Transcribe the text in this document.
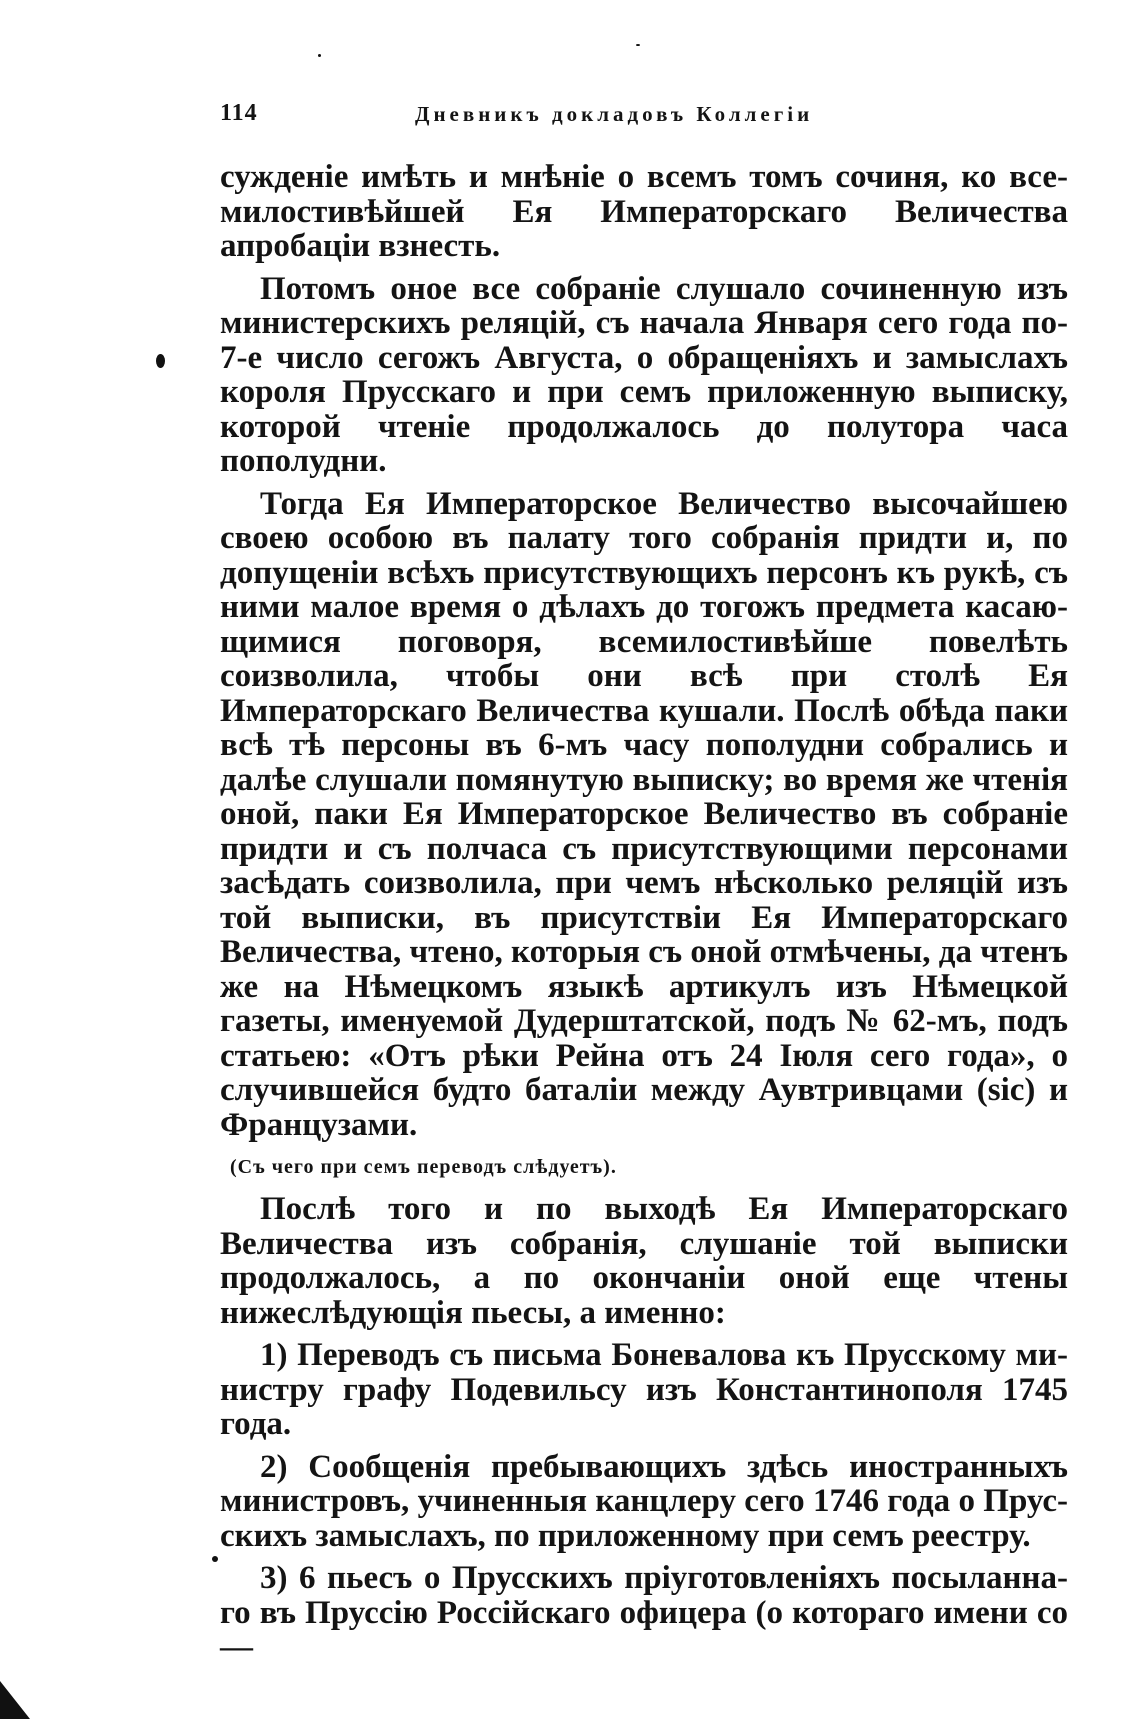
114	Дневникъ докладовъ Коллегіи

сужденіе имѣть и мнѣніе о всемъ томъ сочиня, ко всемилостивѣйшей Ея Императорскаго Величества апробаціи взнесть.

Потомъ оное все собраніе слушало сочиненную изъ министерскихъ реляцій, съ начала Января сего года по 7-е число сегожъ Августа, о обращеніяхъ и замыслахъ короля Прусскаго и при семъ приложенную выписку, которой чтеніе продолжалось до полутора часа пополудни.

Тогда Ея Императорское Величество высочайшею своею особою въ палату того собранія придти и, по допущеніи всѣхъ присутствующихъ персонъ къ рукѣ, съ ними малое время о дѣлахъ до тогожъ предмета касающимися поговоря, всемилостивѣйше повелѣть соизволила, чтобы они всѣ при столѣ Ея Императорскаго Величества кушали. Послѣ обѣда паки всѣ тѣ персоны въ 6-мъ часу пополудни собрались и далѣе слушали помянутую выписку; во время же чтенія оной, паки Ея Императорское Величество въ собраніе придти и съ полчаса съ присутствующими персонами засѣдать соизволила, при чемъ нѣсколько реляцій изъ той выписки, въ присутствіи Ея Императорскаго Величества, чтено, которыя съ оной отмѣчены, да чтенъ же на Нѣмецкомъ языкѣ артикулъ изъ Нѣмецкой газеты, именуемой Дудерштатской, подъ № 62-мъ, подъ статьею: «Отъ рѣки Рейна отъ 24 Іюля сего года», о случившейся будто баталіи между Аувтривцами (sic) и Французами.

(Съ чего при семъ переводъ слѣдуетъ).

Послѣ того и по выходѣ Ея Императорскаго Величества изъ собранія, слушаніе той выписки продолжалось, а по окончаніи оной еще чтены нижеслѣдующія пьесы, а именно:

1) Переводъ съ письма Боневалова къ Прусскому министру графу Подевильсу изъ Константинополя 1745 года.

2) Сообщенія пребывающихъ здѣсь иностранныхъ министровъ, учиненныя канцлеру сего 1746 года о Прусскихъ замыслахъ, по приложенному при семъ реестру.

3) 6 пьесъ о Прусскихъ пріуготовленіяхъ посыланнаго въ Пруссію Россійскаго офицера (о котораго имени со—
